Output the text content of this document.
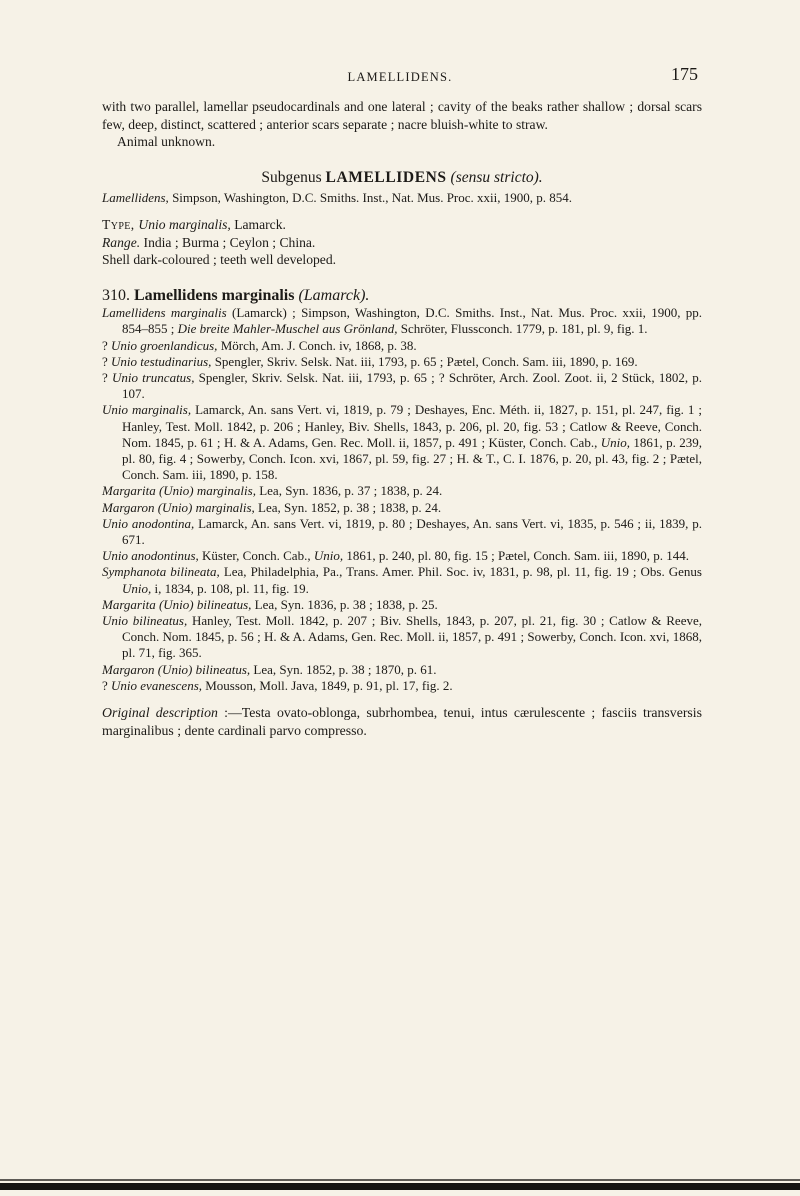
LAMELLIDENS.	175

with two parallel, lamellar pseudocardinals and one lateral ; cavity of the beaks rather shallow ; dorsal scars few, deep, distinct, scattered ; anterior scars separate ; nacre bluish-white to straw.

Animal unknown.

Subgenus LAMELLIDENS (sensu stricto).

Lamellidens, Simpson, Washington, D.C. Smiths. Inst., Nat. Mus. Proc. xxii, 1900, p. 854.

Type, Unio marginalis, Lamarck.

Range. India ; Burma ; Ceylon ; China.

Shell dark-coloured ; teeth well developed.

310. Lamellidens marginalis (Lamarck).

Lamellidens marginalis (Lamarck) ; Simpson, Washington, D.C. Smiths. Inst., Nat. Mus. Proc. xxii, 1900, pp. 854–855 ; Die breite Mahler-Muschel aus Grönland, Schröter, Flussconch. 1779, p. 181, pl. 9, fig. 1.

? Unio groenlandicus, Mörch, Am. J. Conch. iv, 1868, p. 38.

? Unio testudinarius, Spengler, Skriv. Selsk. Nat. iii, 1793, p. 65 ; Pætel, Conch. Sam. iii, 1890, p. 169.

? Unio truncatus, Spengler, Skriv. Selsk. Nat. iii, 1793, p. 65 ; ? Schröter, Arch. Zool. Zoot. ii, 2 Stück, 1802, p. 107.

Unio marginalis, Lamarck, An. sans Vert. vi, 1819, p. 79 ; Deshayes, Enc. Méth. ii, 1827, p. 151, pl. 247, fig. 1 ; Hanley, Test. Moll. 1842, p. 206 ; Hanley, Biv. Shells, 1843, p. 206, pl. 20, fig. 53 ; Catlow & Reeve, Conch. Nom. 1845, p. 61 ; H. & A. Adams, Gen. Rec. Moll. ii, 1857, p. 491 ; Küster, Conch. Cab., Unio, 1861, p. 239, pl. 80, fig. 4 ; Sowerby, Conch. Icon. xvi, 1867, pl. 59, fig. 27 ; H. & T., C. I. 1876, p. 20, pl. 43, fig. 2 ; Pætel, Conch. Sam. iii, 1890, p. 158.

Margarita (Unio) marginalis, Lea, Syn. 1836, p. 37 ; 1838, p. 24.

Margaron (Unio) marginalis, Lea, Syn. 1852, p. 38 ; 1838, p. 24.

Unio anodontina, Lamarck, An. sans Vert. vi, 1819, p. 80 ; Deshayes, An. sans Vert. vi, 1835, p. 546 ; ii, 1839, p. 671.

Unio anodontinus, Küster, Conch. Cab., Unio, 1861, p. 240, pl. 80, fig. 15 ; Pætel, Conch. Sam. iii, 1890, p. 144.

Symphanota bilineata, Lea, Philadelphia, Pa., Trans. Amer. Phil. Soc. iv, 1831, p. 98, pl. 11, fig. 19 ; Obs. Genus Unio, i, 1834, p. 108, pl. 11, fig. 19.

Margarita (Unio) bilineatus, Lea, Syn. 1836, p. 38 ; 1838, p. 25.

Unio bilineatus, Hanley, Test. Moll. 1842, p. 207 ; Biv. Shells, 1843, p. 207, pl. 21, fig. 30 ; Catlow & Reeve, Conch. Nom. 1845, p. 56 ; H. & A. Adams, Gen. Rec. Moll. ii, 1857, p. 491 ; Sowerby, Conch. Icon. xvi, 1868, pl. 71, fig. 365.

Margaron (Unio) bilineatus, Lea, Syn. 1852, p. 38 ; 1870, p. 61.

? Unio evanescens, Mousson, Moll. Java, 1849, p. 91, pl. 17, fig. 2.

Original description :—Testa ovato-oblonga, subrhombea, tenui, intus cærulescente ; fasciis transversis marginalibus ; dente cardinali parvo compresso.
